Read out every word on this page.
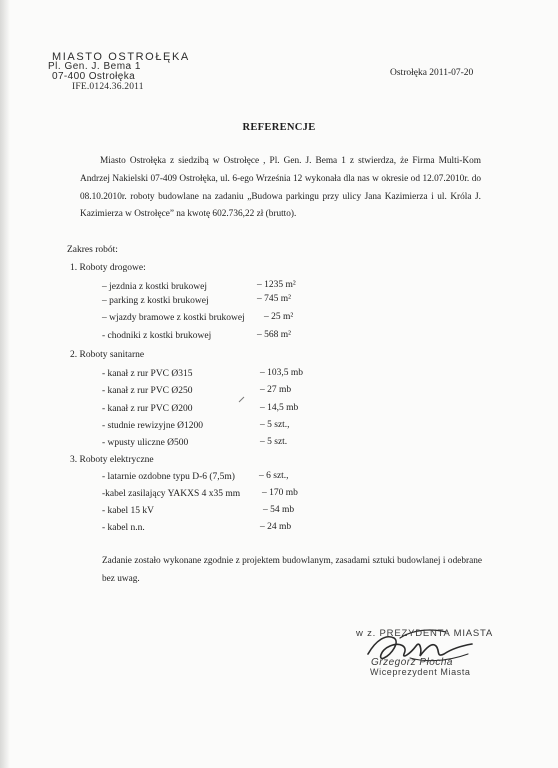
MIASTO OSTROŁĘKA
Pl. Gen. J. Bema 1
07-400 Ostrołęka
IFE.0124.36.2011
Ostrołęka 2011-07-20
REFERENCJE
Miasto Ostrołęka z siedzibą w Ostrołęce , Pl. Gen. J. Bema 1 z stwierdza, że Firma Multi-Kom Andrzej Nakielski 07-409 Ostrołęka, ul. 6-ego Września 12 wykonała dla nas w okresie od 12.07.2010r. do 08.10.2010r. roboty budowlane na zadaniu „Budowa parkingu przy ulicy Jana Kazimierza i ul. Króla J. Kazimierza w Ostrołęce” na kwotę 602.736,22 zł (brutto).
Zakres robót:
1. Roboty drogowe:
– jezdnia z kostki brukowej	– 1235 m²
– parking z kostki brukowej	– 745 m²
– wjazdy bramowe z kostki brukowej – 25 m²
- chodniki z kostki brukowej	– 568 m²
2. Roboty sanitarne
- kanał z rur PVC Ø315	– 103,5 mb
- kanał z rur PVC Ø250	– 27 mb
- kanał z rur PVC Ø200	– 14,5 mb
- studnie rewizyjne Ø1200	– 5 szt.,
- wpusty uliczne Ø500	– 5 szt.
3. Roboty elektryczne
- latarnie ozdobne typu D-6 (7,5m)	– 6 szt.,
-kabel zasilający YAKXS 4 x35 mm – 170 mb
- kabel 15 kV	– 54 mb
- kabel n.n.	– 24 mb
Zadanie zostało wykonane zgodnie z projektem budowlanym, zasadami sztuki budowlanej i odebrane bez uwag.
w z. PREZYDENTA MIASTA
Grzegorz Płocha
Wiceprezydent Miasta
